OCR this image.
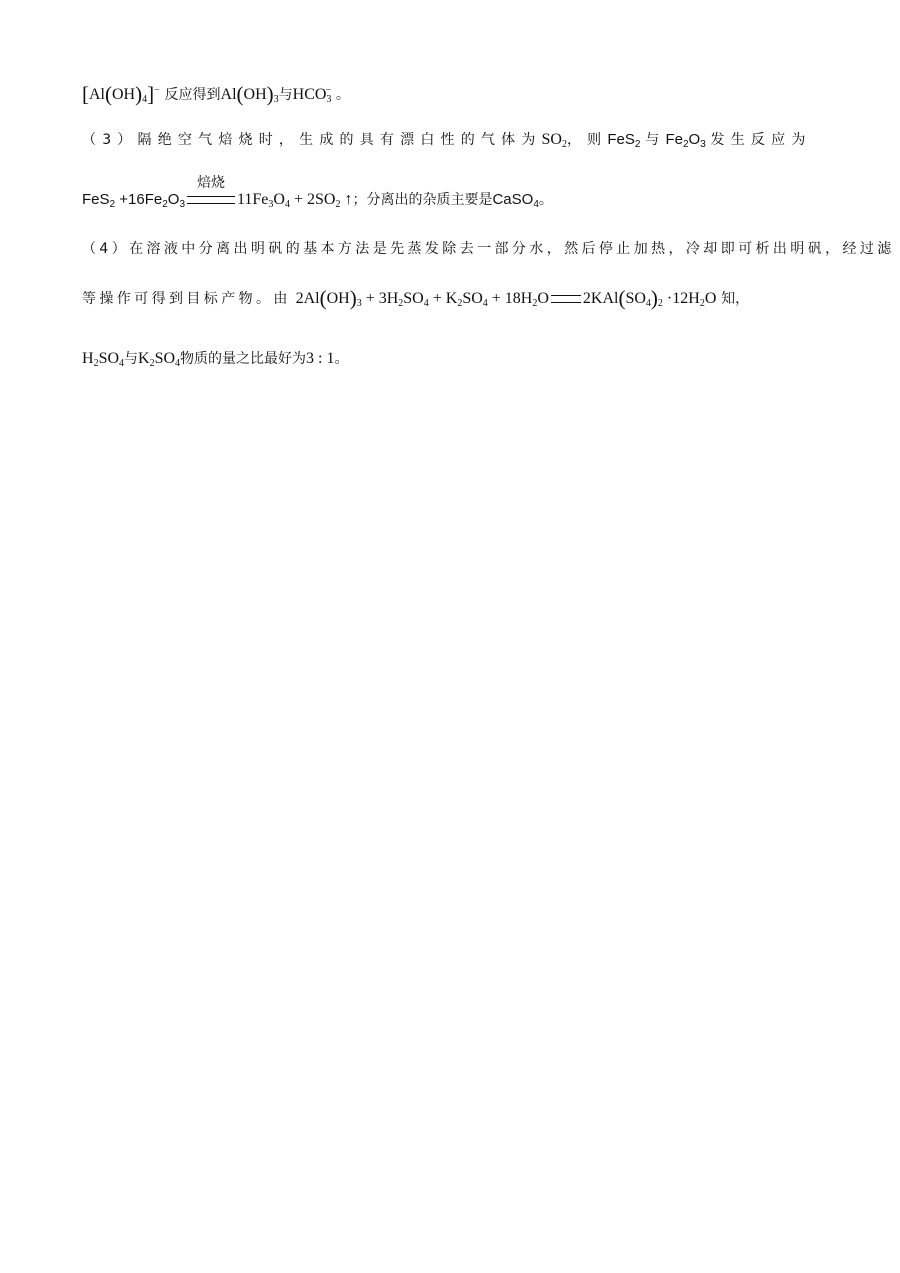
$[Al(OH)_4]^-$ 反应得到$Al(OH)_3$与$HCO_3^-$ 。
（3）隔绝空气焙烧时，生成的具有漂白性的气体为$SO_2$，则FeS$_2$ 与$Fe_2O_3$ 发生反应为
$FeS_2 +16Fe_2O_3$
焙烧
$11Fe_3O_4 + 2SO_2$ ↑；分离出的杂质主要是CaSO$_4$。
（4）在溶液中分离出明矾的基本方法是先蒸发除去一部分水，然后停止加热，冷却即可析出明矾，经过滤
等操作可得到目标产物。由 $2Al(OH)_3 + 3H_2SO_4 + K_2SO_4 + 18H_2O$ $2KAl(SO_4)_2 \cdot 12H_2O$ 知，
$H_2SO_4$与$K_2SO_4$物质的量之比最好为3 : 1。
